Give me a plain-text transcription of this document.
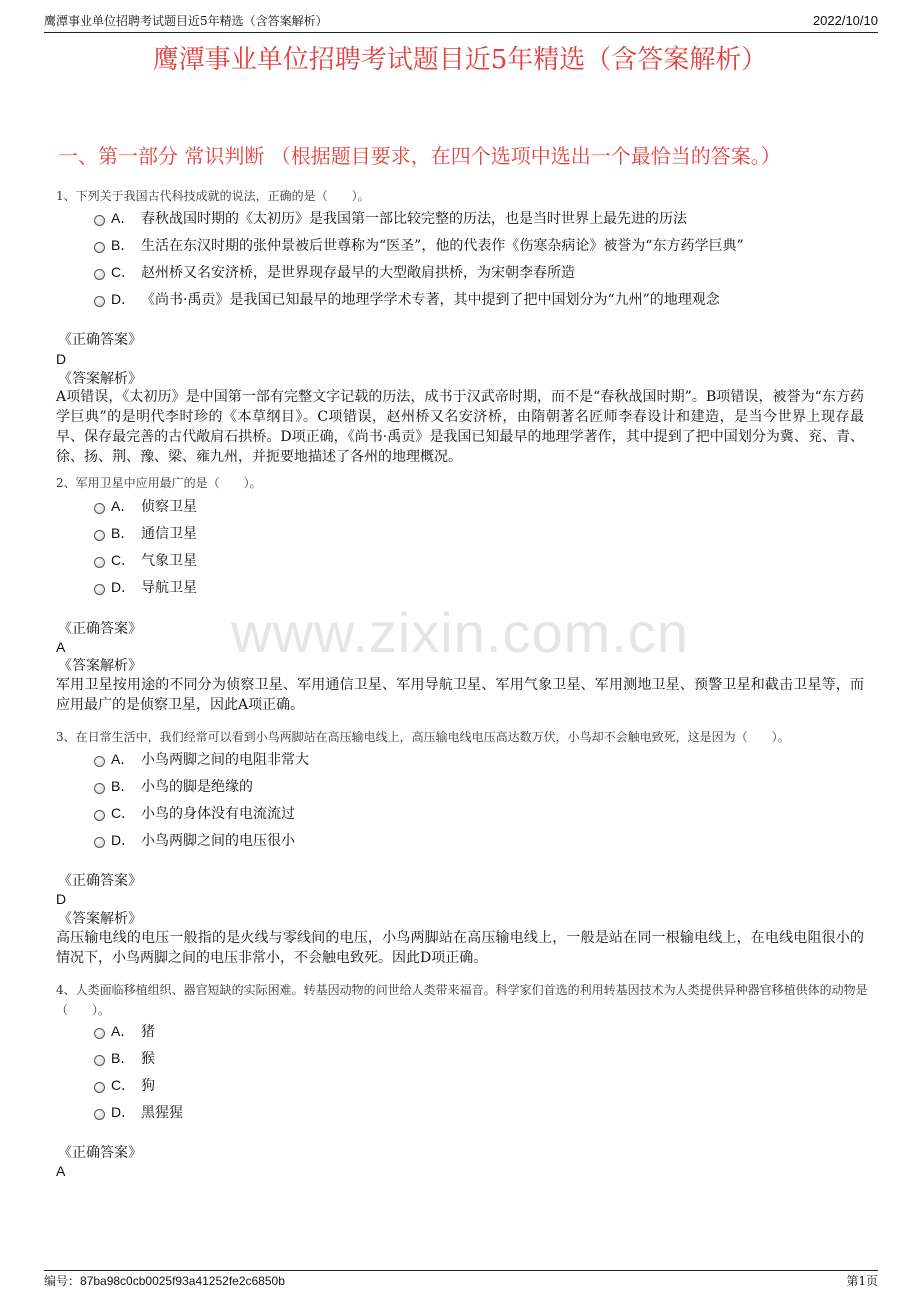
鹰潭事业单位招聘考试题目近5年精选（含答案解析）	2022/10/10
鹰潭事业单位招聘考试题目近5年精选（含答案解析）
一、第一部分 常识判断 （根据题目要求，在四个选项中选出一个最恰当的答案。）
www.zixin.com.cn
1、下列关于我国古代科技成就的说法，正确的是（　　）。
A． 春秋战国时期的《太初历》是我国第一部比较完整的历法，也是当时世界上最先进的历法
B． 生活在东汉时期的张仲景被后世尊称为“医圣”，他的代表作《伤寒杂病论》被誉为“东方药学巨典”
C． 赵州桥又名安济桥，是世界现存最早的大型敞肩拱桥，为宋朝李春所造
D． 《尚书·禹贡》是我国已知最早的地理学学术专著，其中提到了把中国划分为“九州”的地理观念
《正确答案》
D
《答案解析》
A项错误，《太初历》是中国第一部有完整文字记载的历法，成书于汉武帝时期，而不是“春秋战国时期”。B项错误，被誉为“东方药学巨典”的是明代李时珍的《本草纲目》。C项错误，赵州桥又名安济桥，由隋朝著名匠师李春设计和建造，是当今世界上现存最早、保存最完善的古代敞肩石拱桥。D项正确，《尚书·禹贡》是我国已知最早的地理学著作，其中提到了把中国划分为冀、兖、青、徐、扬、荆、豫、梁、雍九州，并扼要地描述了各州的地理概况。
2、军用卫星中应用最广的是（　　）。
A． 侦察卫星
B． 通信卫星
C． 气象卫星
D． 导航卫星
《正确答案》
A
《答案解析》
军用卫星按用途的不同分为侦察卫星、军用通信卫星、军用导航卫星、军用气象卫星、军用测地卫星、预警卫星和截击卫星等，而应用最广的是侦察卫星，因此A项正确。
3、在日常生活中，我们经常可以看到小鸟两脚站在高压输电线上，高压输电线电压高达数万伏，小鸟却不会触电致死，这是因为（　　）。
A． 小鸟两脚之间的电阻非常大
B． 小鸟的脚是绝缘的
C． 小鸟的身体没有电流流过
D． 小鸟两脚之间的电压很小
《正确答案》
D
《答案解析》
高压输电线的电压一般指的是火线与零线间的电压，小鸟两脚站在高压输电线上，一般是站在同一根输电线上，在电线电阻很小的情况下，小鸟两脚之间的电压非常小，不会触电致死。因此D项正确。
4、人类面临移植组织、器官短缺的实际困难。转基因动物的问世给人类带来福音。科学家们首选的利用转基因技术为人类提供异种器官移植供体的动物是（　　）。
A． 猪
B． 猴
C． 狗
D． 黑猩猩
《正确答案》
A
编号：87ba98c0cb0025f93a41252fe2c6850b	第1页
